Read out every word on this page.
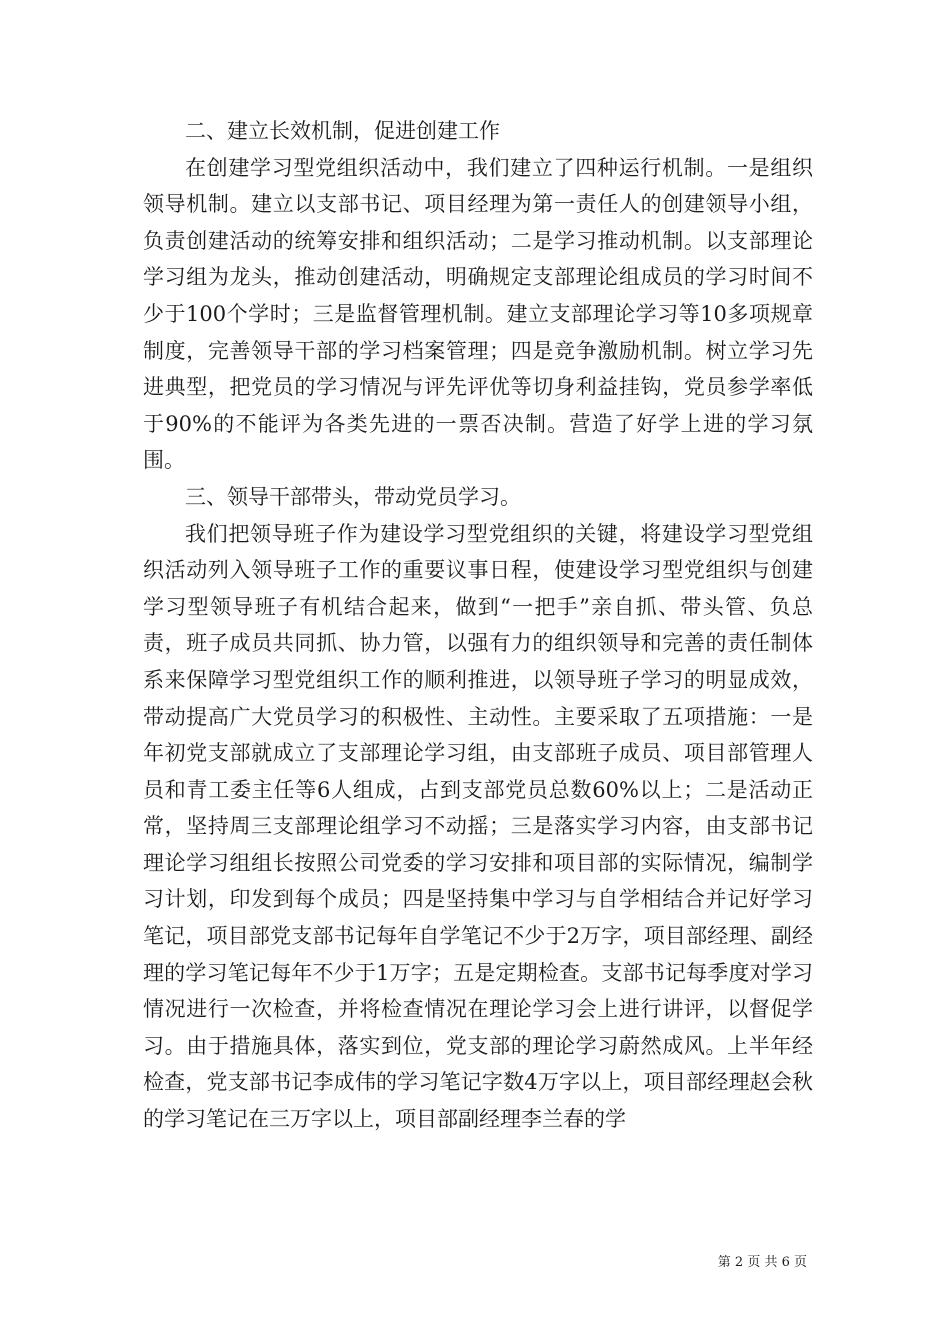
二、建立长效机制，促进创建工作

在创建学习型党组织活动中，我们建立了四种运行机制。一是组织领导机制。建立以支部书记、项目经理为第一责任人的创建领导小组，负责创建活动的统筹安排和组织活动；二是学习推动机制。以支部理论学习组为龙头，推动创建活动，明确规定支部理论组成员的学习时间不少于100个学时；三是监督管理机制。建立支部理论学习等10多项规章制度，完善领导干部的学习档案管理；四是竞争激励机制。树立学习先进典型，把党员的学习情况与评先评优等切身利益挂钩，党员参学率低于90%的不能评为各类先进的一票否决制。营造了好学上进的学习氛围。

三、领导干部带头，带动党员学习。

我们把领导班子作为建设学习型党组织的关键，将建设学习型党组织活动列入领导班子工作的重要议事日程，使建设学习型党组织与创建学习型领导班子有机结合起来，做到“一把手”亲自抓、带头管、负总责，班子成员共同抓、协力管，以强有力的组织领导和完善的责任制体系来保障学习型党组织工作的顺利推进，以领导班子学习的明显成效，带动提高广大党员学习的积极性、主动性。主要采取了五项措施：一是年初党支部就成立了支部理论学习组，由支部班子成员、项目部管理人员和青工委主任等6人组成，占到支部党员总数60%以上；二是活动正常，坚持周三支部理论组学习不动摇；三是落实学习内容，由支部书记理论学习组组长按照公司党委的学习安排和项目部的实际情况，编制学习计划，印发到每个成员；四是坚持集中学习与自学相结合并记好学习笔记，项目部党支部书记每年自学笔记不少于2万字，项目部经理、副经理的学习笔记每年不少于1万字；五是定期检查。支部书记每季度对学习情况进行一次检查，并将检查情况在理论学习会上进行讲评，以督促学习。由于措施具体，落实到位，党支部的理论学习蔚然成风。上半年经检查，党支部书记李成伟的学习笔记字数4万字以上，项目部经理赵会秋的学习笔记在三万字以上，项目部副经理李兰春的学

第 2 页 共 6 页
